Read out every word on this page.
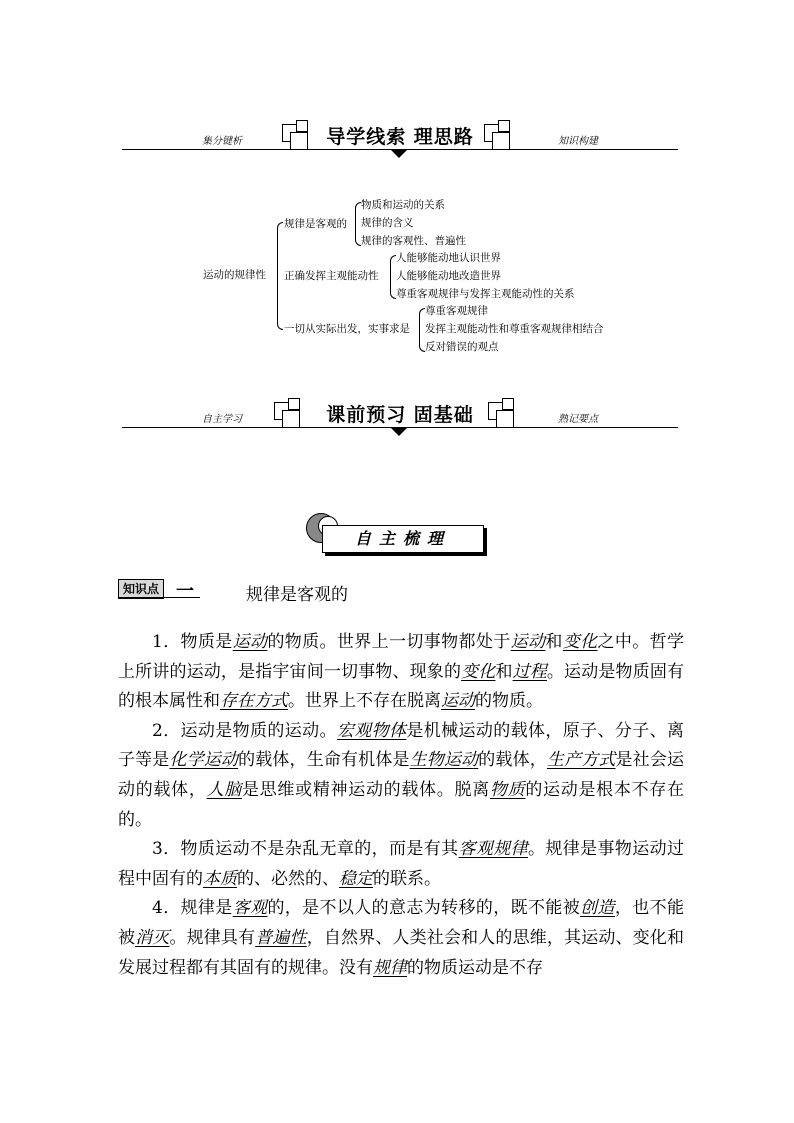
导学线索 理思路
集分键析	知识构建
运动的规律性
规律是客观的
物质和运动的关系
规律的含义
规律的客观性、普遍性
正确发挥主观能动性
人能够能动地认识世界
人能够能动地改造世界
尊重客观规律与发挥主观能动性的关系
一切从实际出发，实事求是
尊重客观规律
发挥主观能动性和尊重客观规律相结合
反对错误的观点
课前预习 固基础
自主学习	熟记要点
自主梳理
知识点 一	规律是客观的

1．物质是运动的物质。世界上一切事物都处于运动和变化之中。哲学上所讲的运动，是指宇宙间一切事物、现象的变化和过程。运动是物质固有的根本属性和存在方式。世界上不存在脱离运动的物质。

2．运动是物质的运动。宏观物体是机械运动的载体，原子、分子、离子等是化学运动的载体，生命有机体是生物运动的载体，生产方式是社会运动的载体，人脑是思维或精神运动的载体。脱离物质的运动是根本不存在的。

3．物质运动不是杂乱无章的，而是有其客观规律。规律是事物运动过程中固有的本质的、必然的、稳定的联系。

4．规律是客观的，是不以人的意志为转移的，既不能被创造，也不能被消灭。规律具有普遍性，自然界、人类社会和人的思维，其运动、变化和发展过程都有其固有的规律。没有规律的物质运动是不存
